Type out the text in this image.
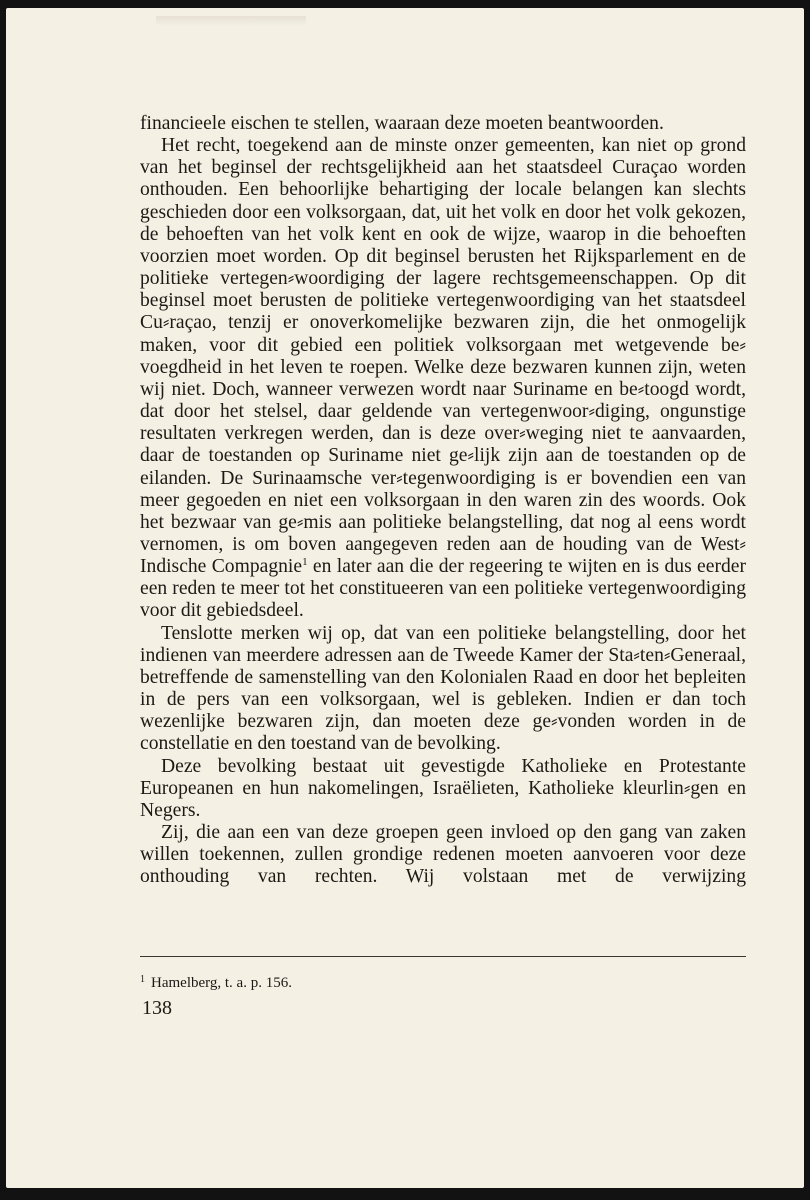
financieele eischen te stellen, waaraan deze moeten beantwoorden.

Het recht, toegekend aan de minste onzer gemeenten, kan niet op grond van het beginsel der rechtsgelijkheid aan het staatsdeel Curaçao worden onthouden. Een behoorlijke behartiging der locale belangen kan slechts geschieden door een volksorgaan, dat, uit het volk en door het volk gekozen, de behoeften van het volk kent en ook de wijze, waarop in die behoeften voorzien moet worden. Op dit beginsel berusten het Rijksparlement en de politieke vertegen⸗woordiging der lagere rechtsgemeenschappen. Op dit beginsel moet berusten de politieke vertegenwoordiging van het staatsdeel Cu⸗raçao, tenzij er onoverkomelijke bezwaren zijn, die het onmogelijk maken, voor dit gebied een politiek volksorgaan met wetgevende be⸗voegdheid in het leven te roepen. Welke deze bezwaren kunnen zijn, weten wij niet. Doch, wanneer verwezen wordt naar Suriname en be⸗toogd wordt, dat door het stelsel, daar geldende van vertegenwoor⸗diging, ongunstige resultaten verkregen werden, dan is deze over⸗weging niet te aanvaarden, daar de toestanden op Suriname niet ge⸗lijk zijn aan de toestanden op de eilanden. De Surinaamsche ver⸗tegenwoordiging is er bovendien een van meer gegoeden en niet een volksorgaan in den waren zin des woords. Ook het bezwaar van ge⸗mis aan politieke belangstelling, dat nog al eens wordt vernomen, is om boven aangegeven reden aan de houding van de West⸗Indische Compagnie$^1$ en later aan die der regeering te wijten en is dus eerder een reden te meer tot het constitueeren van een politieke vertegenwoordiging voor dit gebiedsdeel.

Tenslotte merken wij op, dat van een politieke belangstelling, door het indienen van meerdere adressen aan de Tweede Kamer der Sta⸗ten⸗Generaal, betreffende de samenstelling van den Kolonialen Raad en door het bepleiten in de pers van een volksorgaan, wel is gebleken. Indien er dan toch wezenlijke bezwaren zijn, dan moeten deze ge⸗vonden worden in de constellatie en den toestand van de bevolking.

Deze bevolking bestaat uit gevestigde Katholieke en Protestante Europeanen en hun nakomelingen, Israëlieten, Katholieke kleurlin⸗gen en Negers.

Zij, die aan een van deze groepen geen invloed op den gang van zaken willen toekennen, zullen grondige redenen moeten aanvoeren voor deze onthouding van rechten. Wij volstaan met de verwijzing

$^1$ Hamelberg, t. a. p. 156.
138
